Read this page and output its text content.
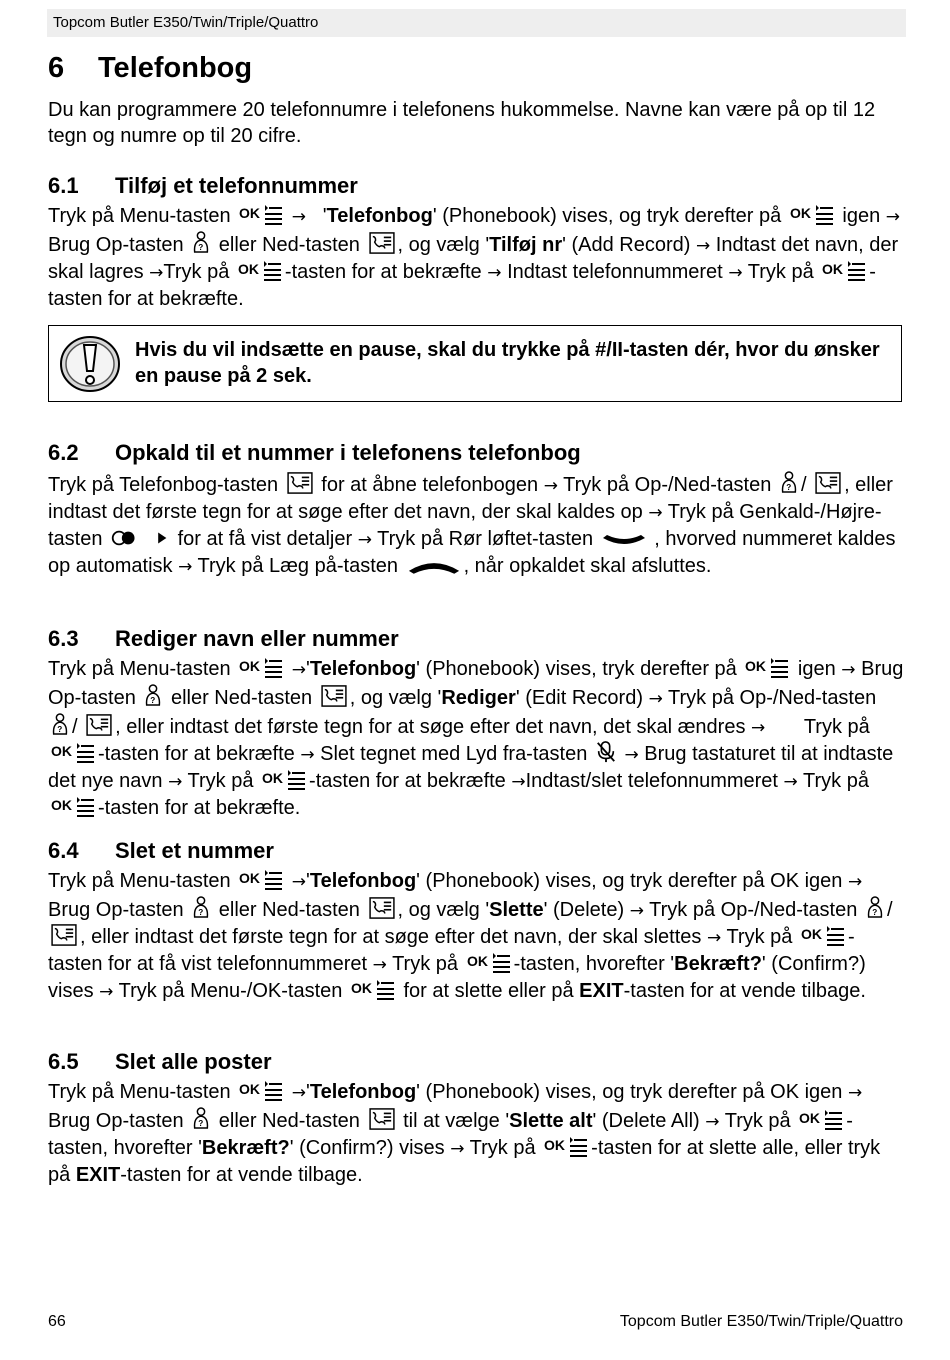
Topcom Butler E350/Twin/Triple/Quattro
6 Telefonbog

Du kan programmere 20 telefonnumre i telefonens hukommelse. Navne kan være på op til 12 tegn og numre op til 20 cifre.

6.1 Tilføj et telefonnummer

Tryk på Menu-tasten	→ 'Telefonbog' (Phonebook) vises, og tryk derefter på	igen → Brug Op-tasten eller Ned-tasten , og vælg 'Tilføj nr' (Add Record) → Indtast det navn, der skal lagres →Tryk på	-tasten for at bekræfte → Indtast telefonnummeret → Tryk på	-tasten for at bekræfte.

Hvis du vil indsætte en pause, skal du trykke på #/II-tasten dér, hvor du ønsker en pause på 2 sek.
6.2 Opkald til et nummer i telefonens telefonbog

Tryk på Telefonbog-tasten for at åbne telefonbogen → Tryk på Op-/Ned-tasten / , eller indtast det første tegn for at søge efter det navn, der skal kaldes op → Tryk på Genkald-/Højre-tasten	for at få vist detaljer → Tryk på Rør løftet-tasten	, hvorved nummeret kaldes op automatisk → Tryk på Læg på-tasten	, når opkaldet skal afsluttes.

6.3 Rediger navn eller nummer

Tryk på Menu-tasten	→'Telefonbog' (Phonebook) vises, tryk derefter på	igen → Brug Op-tasten eller Ned-tasten , og vælg 'Rediger' (Edit Record) → Tryk på Op-/Ned-tasten / , eller indtast det første tegn for at søge efter det navn, det skal ændres → Tryk på -tasten for at bekræfte → Slet tegnet med Lyd fra-tasten → Brug tastaturet til at indtaste det nye navn → Tryk på	-tasten for at bekræfte →Indtast/slet telefonnummeret → Tryk på -tasten for at bekræfte.

6.4 Slet et nummer

Tryk på Menu-tasten	→'Telefonbog' (Phonebook) vises, og tryk derefter på OK igen → Brug Op-tasten eller Ned-tasten , og vælg 'Slette' (Delete) → Tryk på Op-/Ned-tasten / , eller indtast det første tegn for at søge efter det navn, der skal slettes → Tryk på	-tasten for at få vist telefonnummeret → Tryk på	-tasten, hvorefter 'Bekræft?' (Confirm?) vises → Tryk på Menu-/OK-tasten	for at slette eller på EXIT-tasten for at vende tilbage.

6.5 Slet alle poster

Tryk på Menu-tasten	→'Telefonbog' (Phonebook) vises, og tryk derefter på OK igen → Brug Op-tasten eller Ned-tasten til at vælge 'Slette alt' (Delete All) → Tryk på	-tasten, hvorefter 'Bekræft?' (Confirm?) vises → Tryk på	-tasten for at slette alle, eller tryk på EXIT-tasten for at vende tilbage.

66	Topcom Butler E350/Twin/Triple/Quattro
